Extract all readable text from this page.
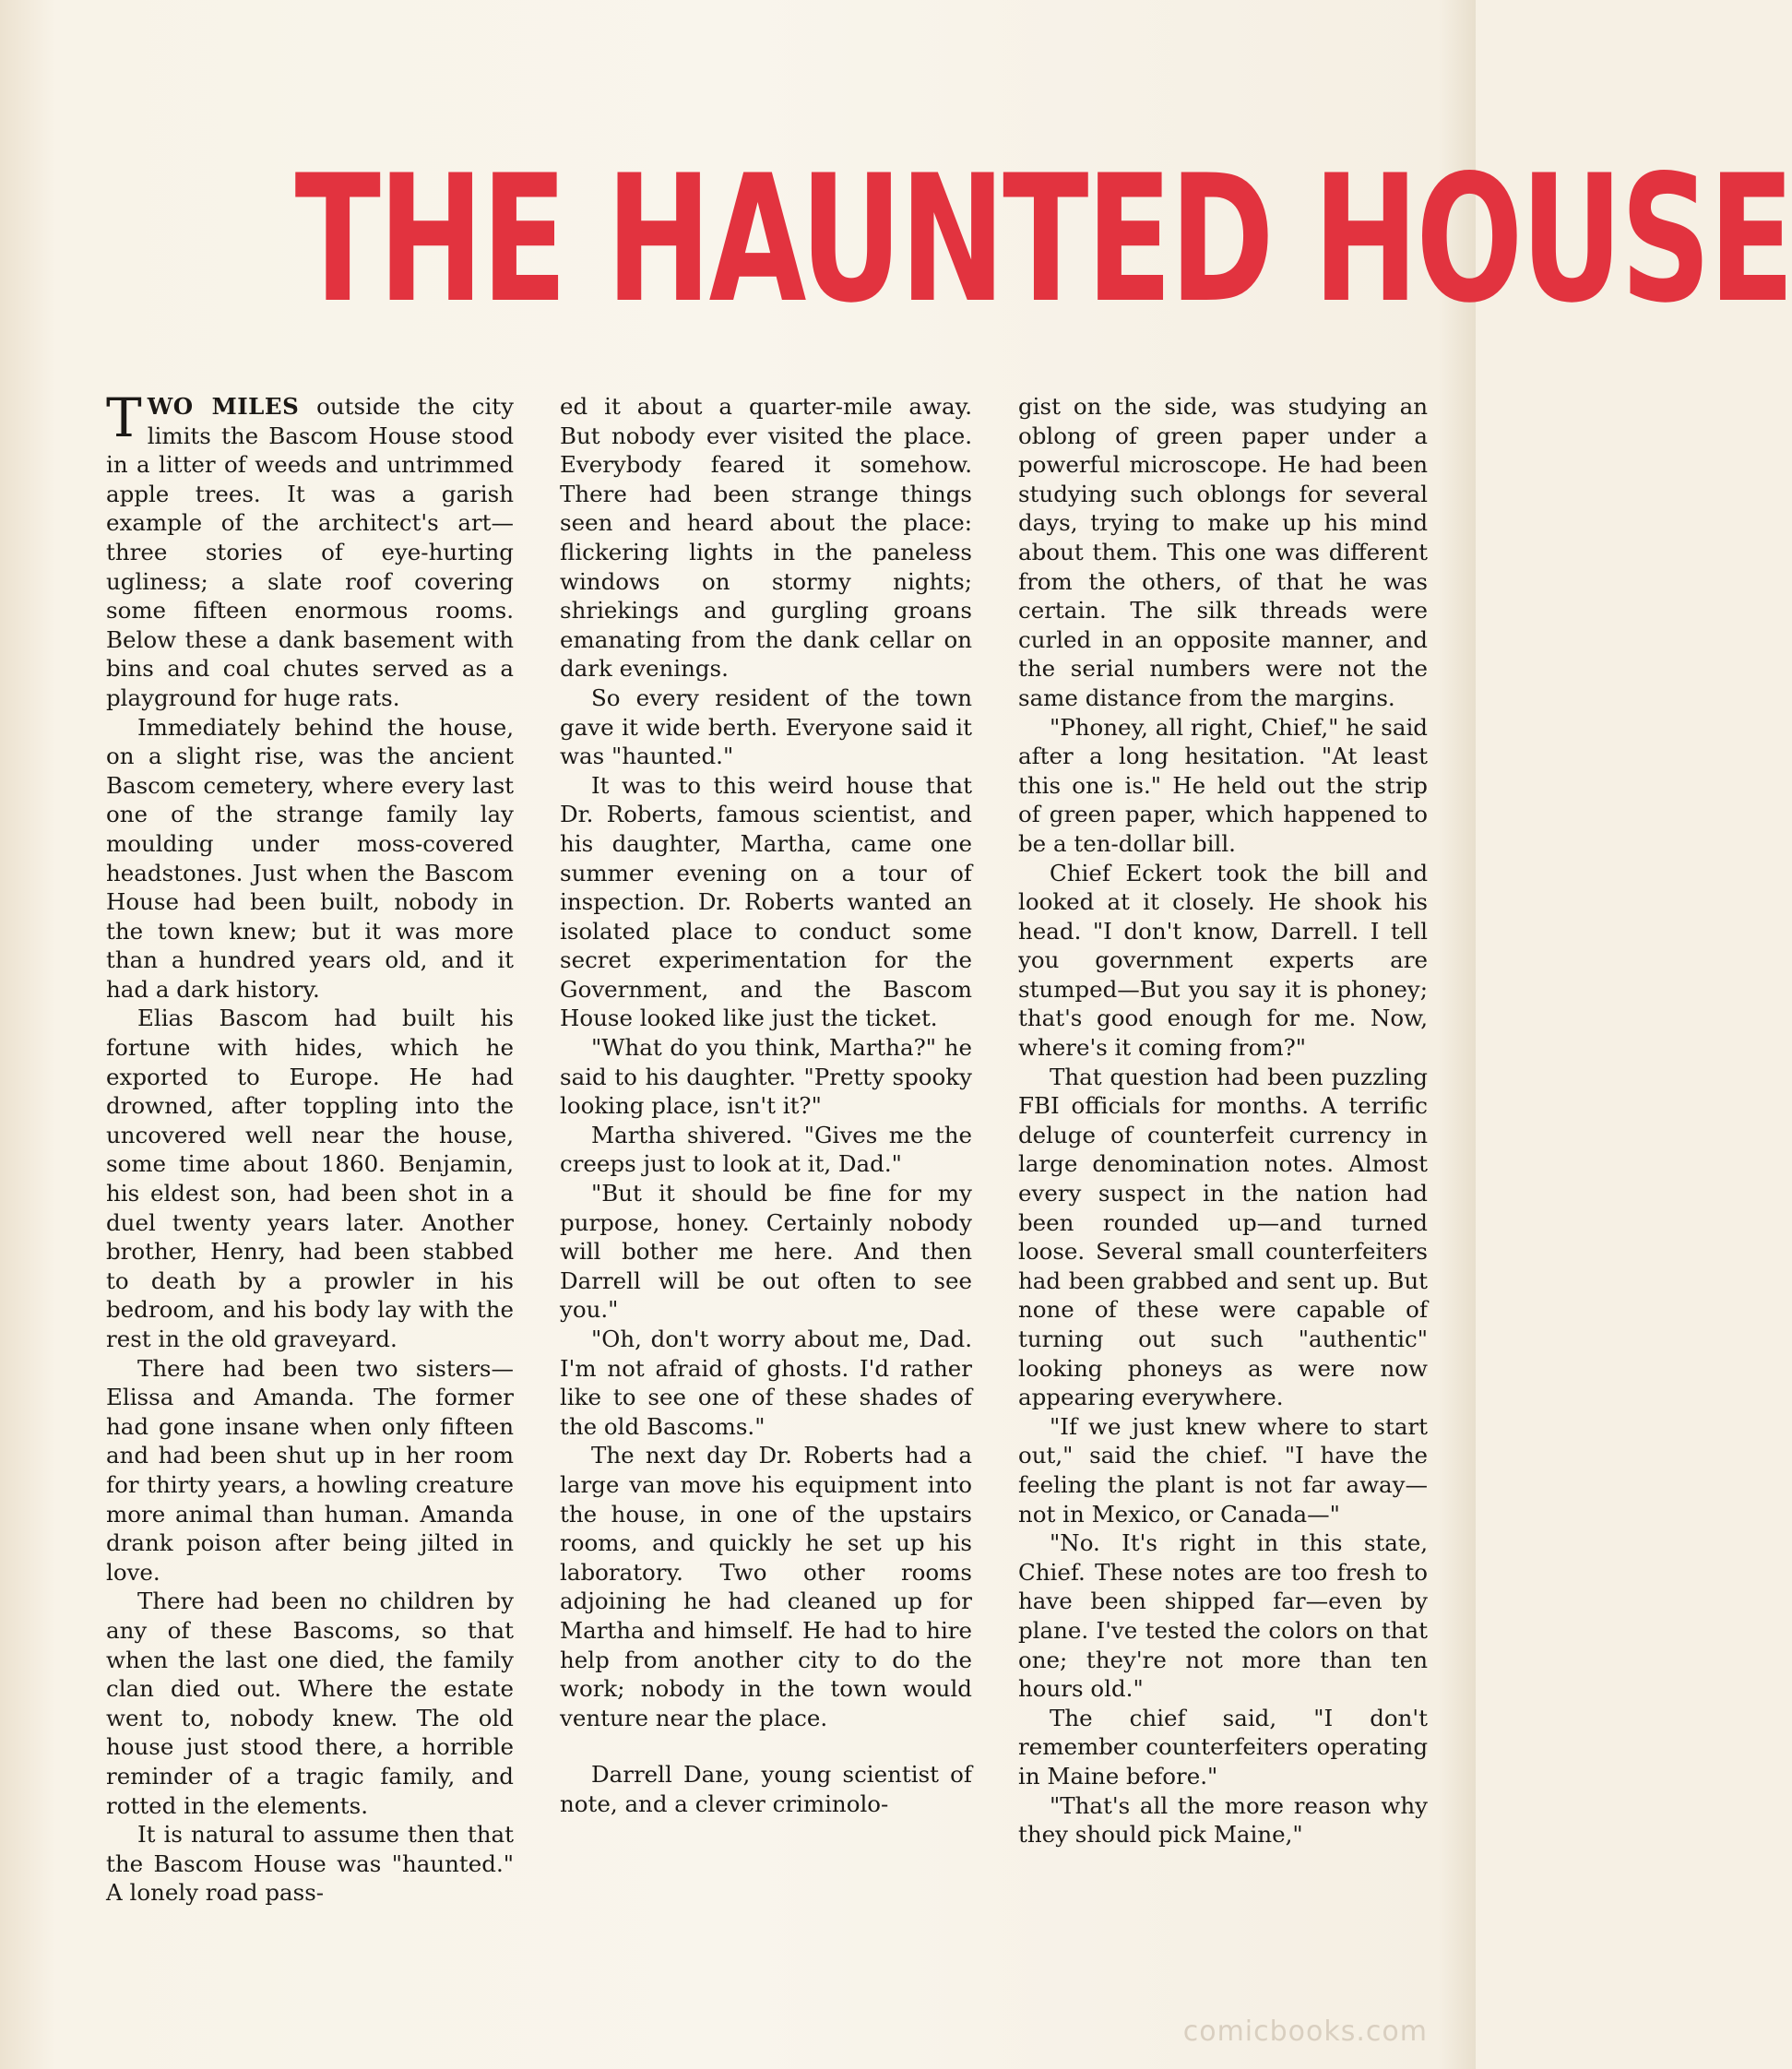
THE HAUNTED HOUSE

TWO MILES outside the city limits the Bascom House stood in a litter of weeds and untrimmed apple trees. It was a garish example of the architect's art—three stories of eye-hurting ugliness; a slate roof covering some fifteen enormous rooms. Below these a dank basement with bins and coal chutes served as a playground for huge rats.

Immediately behind the house, on a slight rise, was the ancient Bascom cemetery, where every last one of the strange family lay moulding under moss-covered headstones. Just when the Bascom House had been built, nobody in the town knew; but it was more than a hundred years old, and it had a dark history.

Elias Bascom had built his fortune with hides, which he exported to Europe. He had drowned, after toppling into the uncovered well near the house, some time about 1860. Benjamin, his eldest son, had been shot in a duel twenty years later. Another brother, Henry, had been stabbed to death by a prowler in his bedroom, and his body lay with the rest in the old graveyard.

There had been two sisters—Elissa and Amanda. The former had gone insane when only fifteen and had been shut up in her room for thirty years, a howling creature more animal than human. Amanda drank poison after being jilted in love.

There had been no children by any of these Bascoms, so that when the last one died, the family clan died out. Where the estate went to, nobody knew. The old house just stood there, a horrible reminder of a tragic family, and rotted in the elements.

It is natural to assume then that the Bascom House was "haunted." A lonely road pass-

ed it about a quarter-mile away. But nobody ever visited the place. Everybody feared it somehow. There had been strange things seen and heard about the place: flickering lights in the paneless windows on stormy nights; shriekings and gurgling groans emanating from the dank cellar on dark evenings.

So every resident of the town gave it wide berth. Everyone said it was "haunted."

It was to this weird house that Dr. Roberts, famous scientist, and his daughter, Martha, came one summer evening on a tour of inspection. Dr. Roberts wanted an isolated place to conduct some secret experimentation for the Government, and the Bascom House looked like just the ticket.

"What do you think, Martha?" he said to his daughter. "Pretty spooky looking place, isn't it?"

Martha shivered. "Gives me the creeps just to look at it, Dad."

"But it should be fine for my purpose, honey. Certainly nobody will bother me here. And then Darrell will be out often to see you."

"Oh, don't worry about me, Dad. I'm not afraid of ghosts. I'd rather like to see one of these shades of the old Bascoms."

The next day Dr. Roberts had a large van move his equipment into the house, in one of the upstairs rooms, and quickly he set up his laboratory. Two other rooms adjoining he had cleaned up for Martha and himself. He had to hire help from another city to do the work; nobody in the town would venture near the place.

Darrell Dane, young scientist of note, and a clever criminolo-

gist on the side, was studying an oblong of green paper under a powerful microscope. He had been studying such oblongs for several days, trying to make up his mind about them. This one was different from the others, of that he was certain. The silk threads were curled in an opposite manner, and the serial numbers were not the same distance from the margins.

"Phoney, all right, Chief," he said after a long hesitation. "At least this one is." He held out the strip of green paper, which happened to be a ten-dollar bill.

Chief Eckert took the bill and looked at it closely. He shook his head. "I don't know, Darrell. I tell you government experts are stumped—But you say it is phoney; that's good enough for me. Now, where's it coming from?"

That question had been puzzling FBI officials for months. A terrific deluge of counterfeit currency in large denomination notes. Almost every suspect in the nation had been rounded up—and turned loose. Several small counterfeiters had been grabbed and sent up. But none of these were capable of turning out such "authentic" looking phoneys as were now appearing everywhere.

"If we just knew where to start out," said the chief. "I have the feeling the plant is not far away—not in Mexico, or Canada—"

"No. It's right in this state, Chief. These notes are too fresh to have been shipped far—even by plane. I've tested the colors on that one; they're not more than ten hours old."

The chief said, "I don't remember counterfeiters operating in Maine before."

"That's all the more reason why they should pick Maine,"

comicbooks.com
